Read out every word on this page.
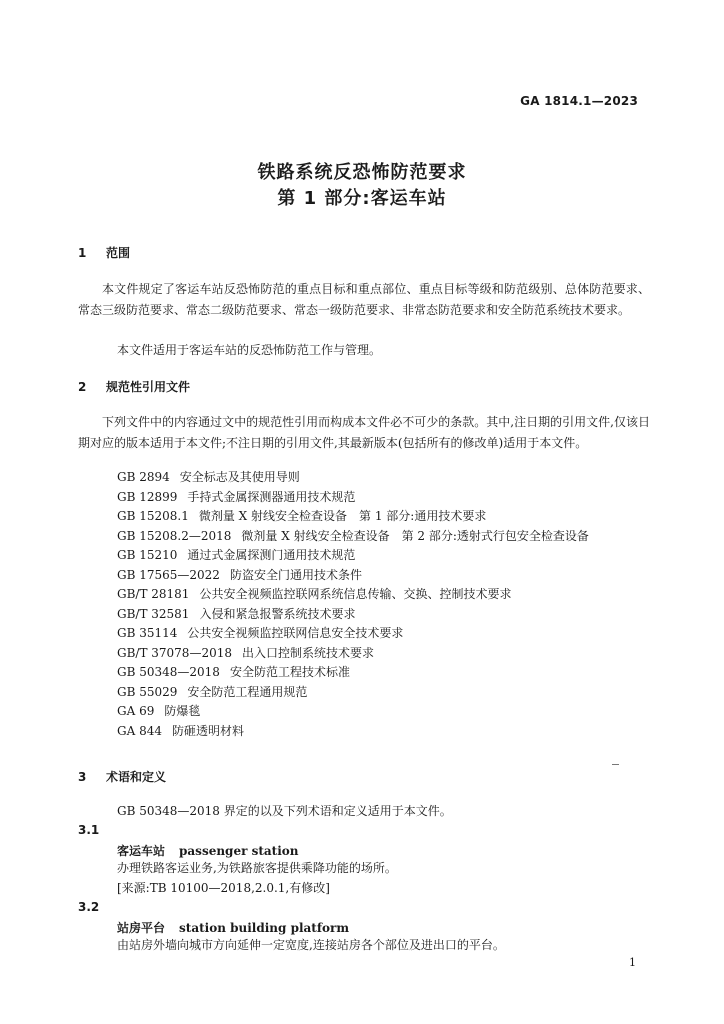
GA 1814.1—2023
铁路系统反恐怖防范要求
第 1 部分:客运车站
1 范围
本文件规定了客运车站反恐怖防范的重点目标和重点部位、重点目标等级和防范级别、总体防范要求、常态三级防范要求、常态二级防范要求、常态一级防范要求、非常态防范要求和安全防范系统技术要求。
本文件适用于客运车站的反恐怖防范工作与管理。
2 规范性引用文件
下列文件中的内容通过文中的规范性引用而构成本文件必不可少的条款。其中,注日期的引用文件,仅该日期对应的版本适用于本文件;不注日期的引用文件,其最新版本(包括所有的修改单)适用于本文件。
GB 2894 安全标志及其使用导则
GB 12899 手持式金属探测器通用技术规范
GB 15208.1 微剂量 X 射线安全检查设备　第 1 部分:通用技术要求
GB 15208.2—2018 微剂量 X 射线安全检查设备　第 2 部分:透射式行包安全检查设备
GB 15210 通过式金属探测门通用技术规范
GB 17565—2022 防盗安全门通用技术条件
GB/T 28181 公共安全视频监控联网系统信息传输、交换、控制技术要求
GB/T 32581 入侵和紧急报警系统技术要求
GB 35114 公共安全视频监控联网信息安全技术要求
GB/T 37078—2018 出入口控制系统技术要求
GB 50348—2018 安全防范工程技术标准
GB 55029 安全防范工程通用规范
GA 69 防爆毯
GA 844 防砸透明材料
3 术语和定义
GB 50348—2018 界定的以及下列术语和定义适用于本文件。
3.1
客运车站 passenger station
办理铁路客运业务,为铁路旅客提供乘降功能的场所。
[来源:TB 10100—2018,2.0.1,有修改]
3.2
站房平台 station building platform
由站房外墙向城市方向延伸一定宽度,连接站房各个部位及进出口的平台。
1
